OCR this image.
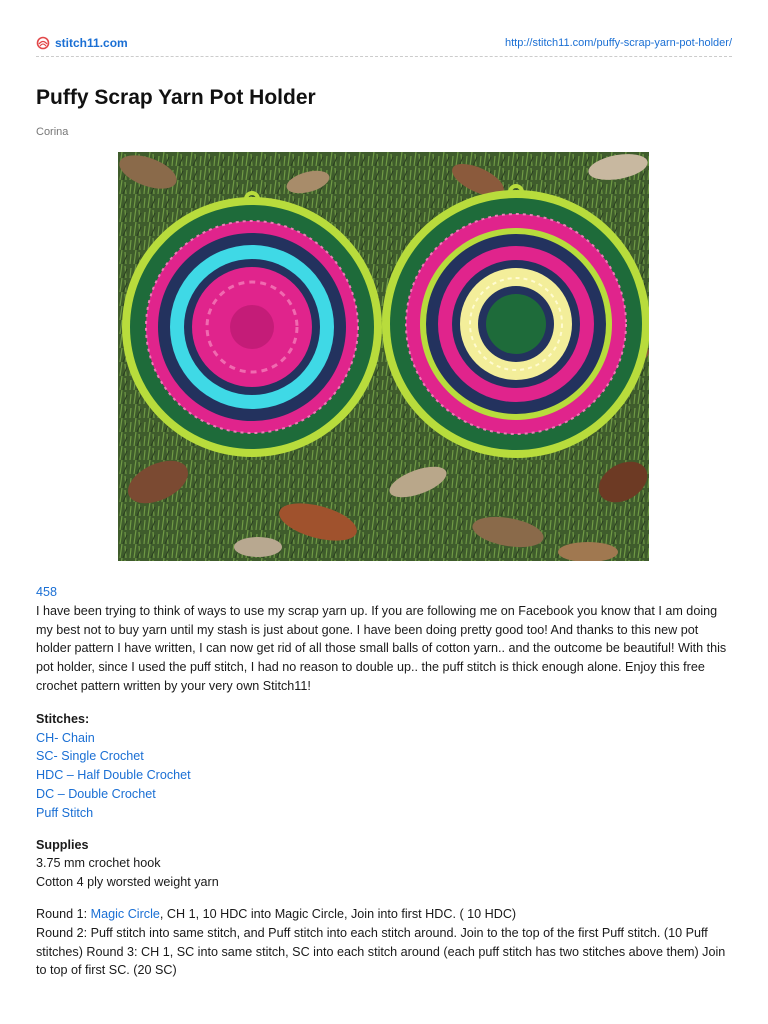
stitch11.com	http://stitch11.com/puffy-scrap-yarn-pot-holder/
Puffy Scrap Yarn Pot Holder
Corina

458

I have been trying to think of ways to use my scrap yarn up. If you are following me on Facebook you know that I am doing my best not to buy yarn until my stash is just about gone. I have been doing pretty good too! And thanks to this new pot holder pattern I have written, I can now get rid of all those small balls of cotton yarn.. and the outcome be beautiful! With this pot holder, since I used the puff stitch, I had no reason to double up.. the puff stitch is thick enough alone. Enjoy this free crochet pattern written by your very own Stitch11!

Stitches:

CH- Chain

SC- Single Crochet

HDC – Half Double Crochet

DC – Double Crochet

Puff Stitch

Supplies

3.75 mm crochet hook

Cotton 4 ply worsted weight yarn

Round 1: Magic Circle, CH 1, 10 HDC into Magic Circle, Join into first HDC. ( 10 HDC)

Round 2: Puff stitch into same stitch, and Puff stitch into each stitch around. Join to the top of the first Puff stitch. (10 Puff stitches) Round 3: CH 1, SC into same stitch, SC into each stitch around (each puff stitch has two stitches above them) Join to top of first SC. (20 SC)
